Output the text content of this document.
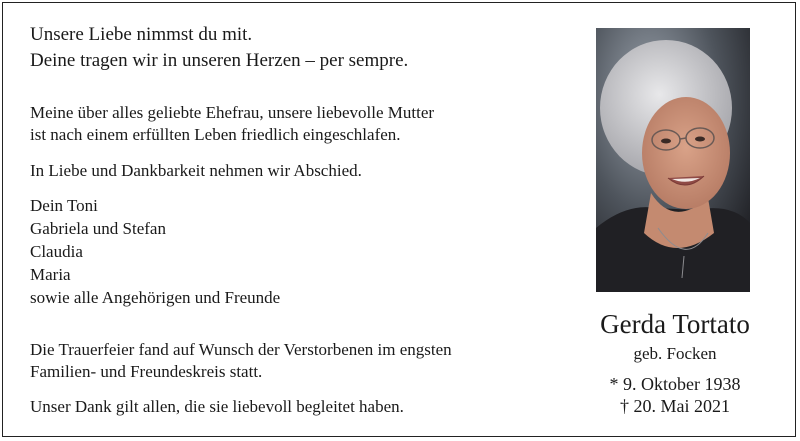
Unsere Liebe nimmst du mit.
Deine tragen wir in unseren Herzen – per sempre.
Meine über alles geliebte Ehefrau, unsere liebevolle Mutter
ist nach einem erfüllten Leben friedlich eingeschlafen.
In Liebe und Dankbarkeit nehmen wir Abschied.
Dein Toni
Gabriela und Stefan
Claudia
Maria
sowie alle Angehörigen und Freunde
Die Trauerfeier fand auf Wunsch der Verstorbenen im engsten
Familien- und Freundeskreis statt.
Unser Dank gilt allen, die sie liebevoll begleitet haben.
Gerda Tortato
geb. Focken
* 9. Oktober 1938
† 20. Mai 2021
